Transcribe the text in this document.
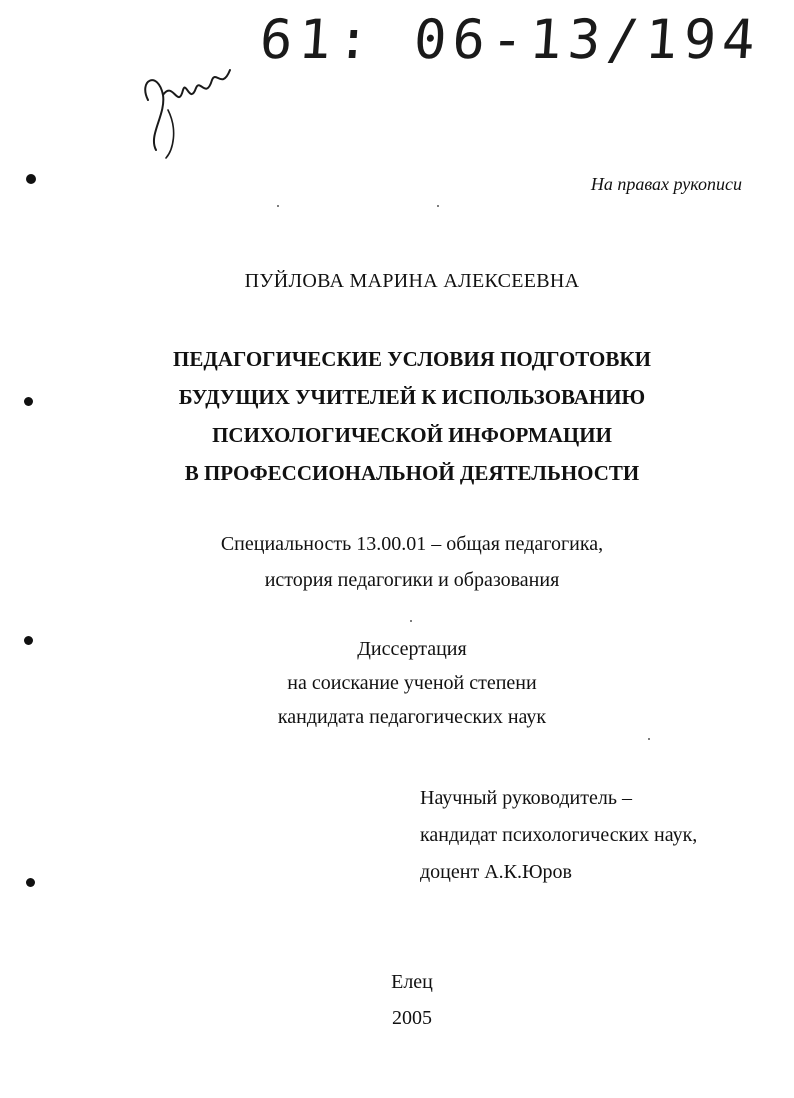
61: 06-13/194
На правах рукописи
ПУЙЛОВА МАРИНА АЛЕКСЕЕВНА
ПЕДАГОГИЧЕСКИЕ УСЛОВИЯ ПОДГОТОВКИ
БУДУЩИХ УЧИТЕЛЕЙ К ИСПОЛЬЗОВАНИЮ
ПСИХОЛОГИЧЕСКОЙ ИНФОРМАЦИИ
В ПРОФЕССИОНАЛЬНОЙ ДЕЯТЕЛЬНОСТИ
Специальность 13.00.01 – общая педагогика,
история педагогики и образования
Диссертация
на соискание ученой степени
кандидата педагогических наук
Научный руководитель –
кандидат психологических наук,
доцент А.К.Юров
Елец
2005
